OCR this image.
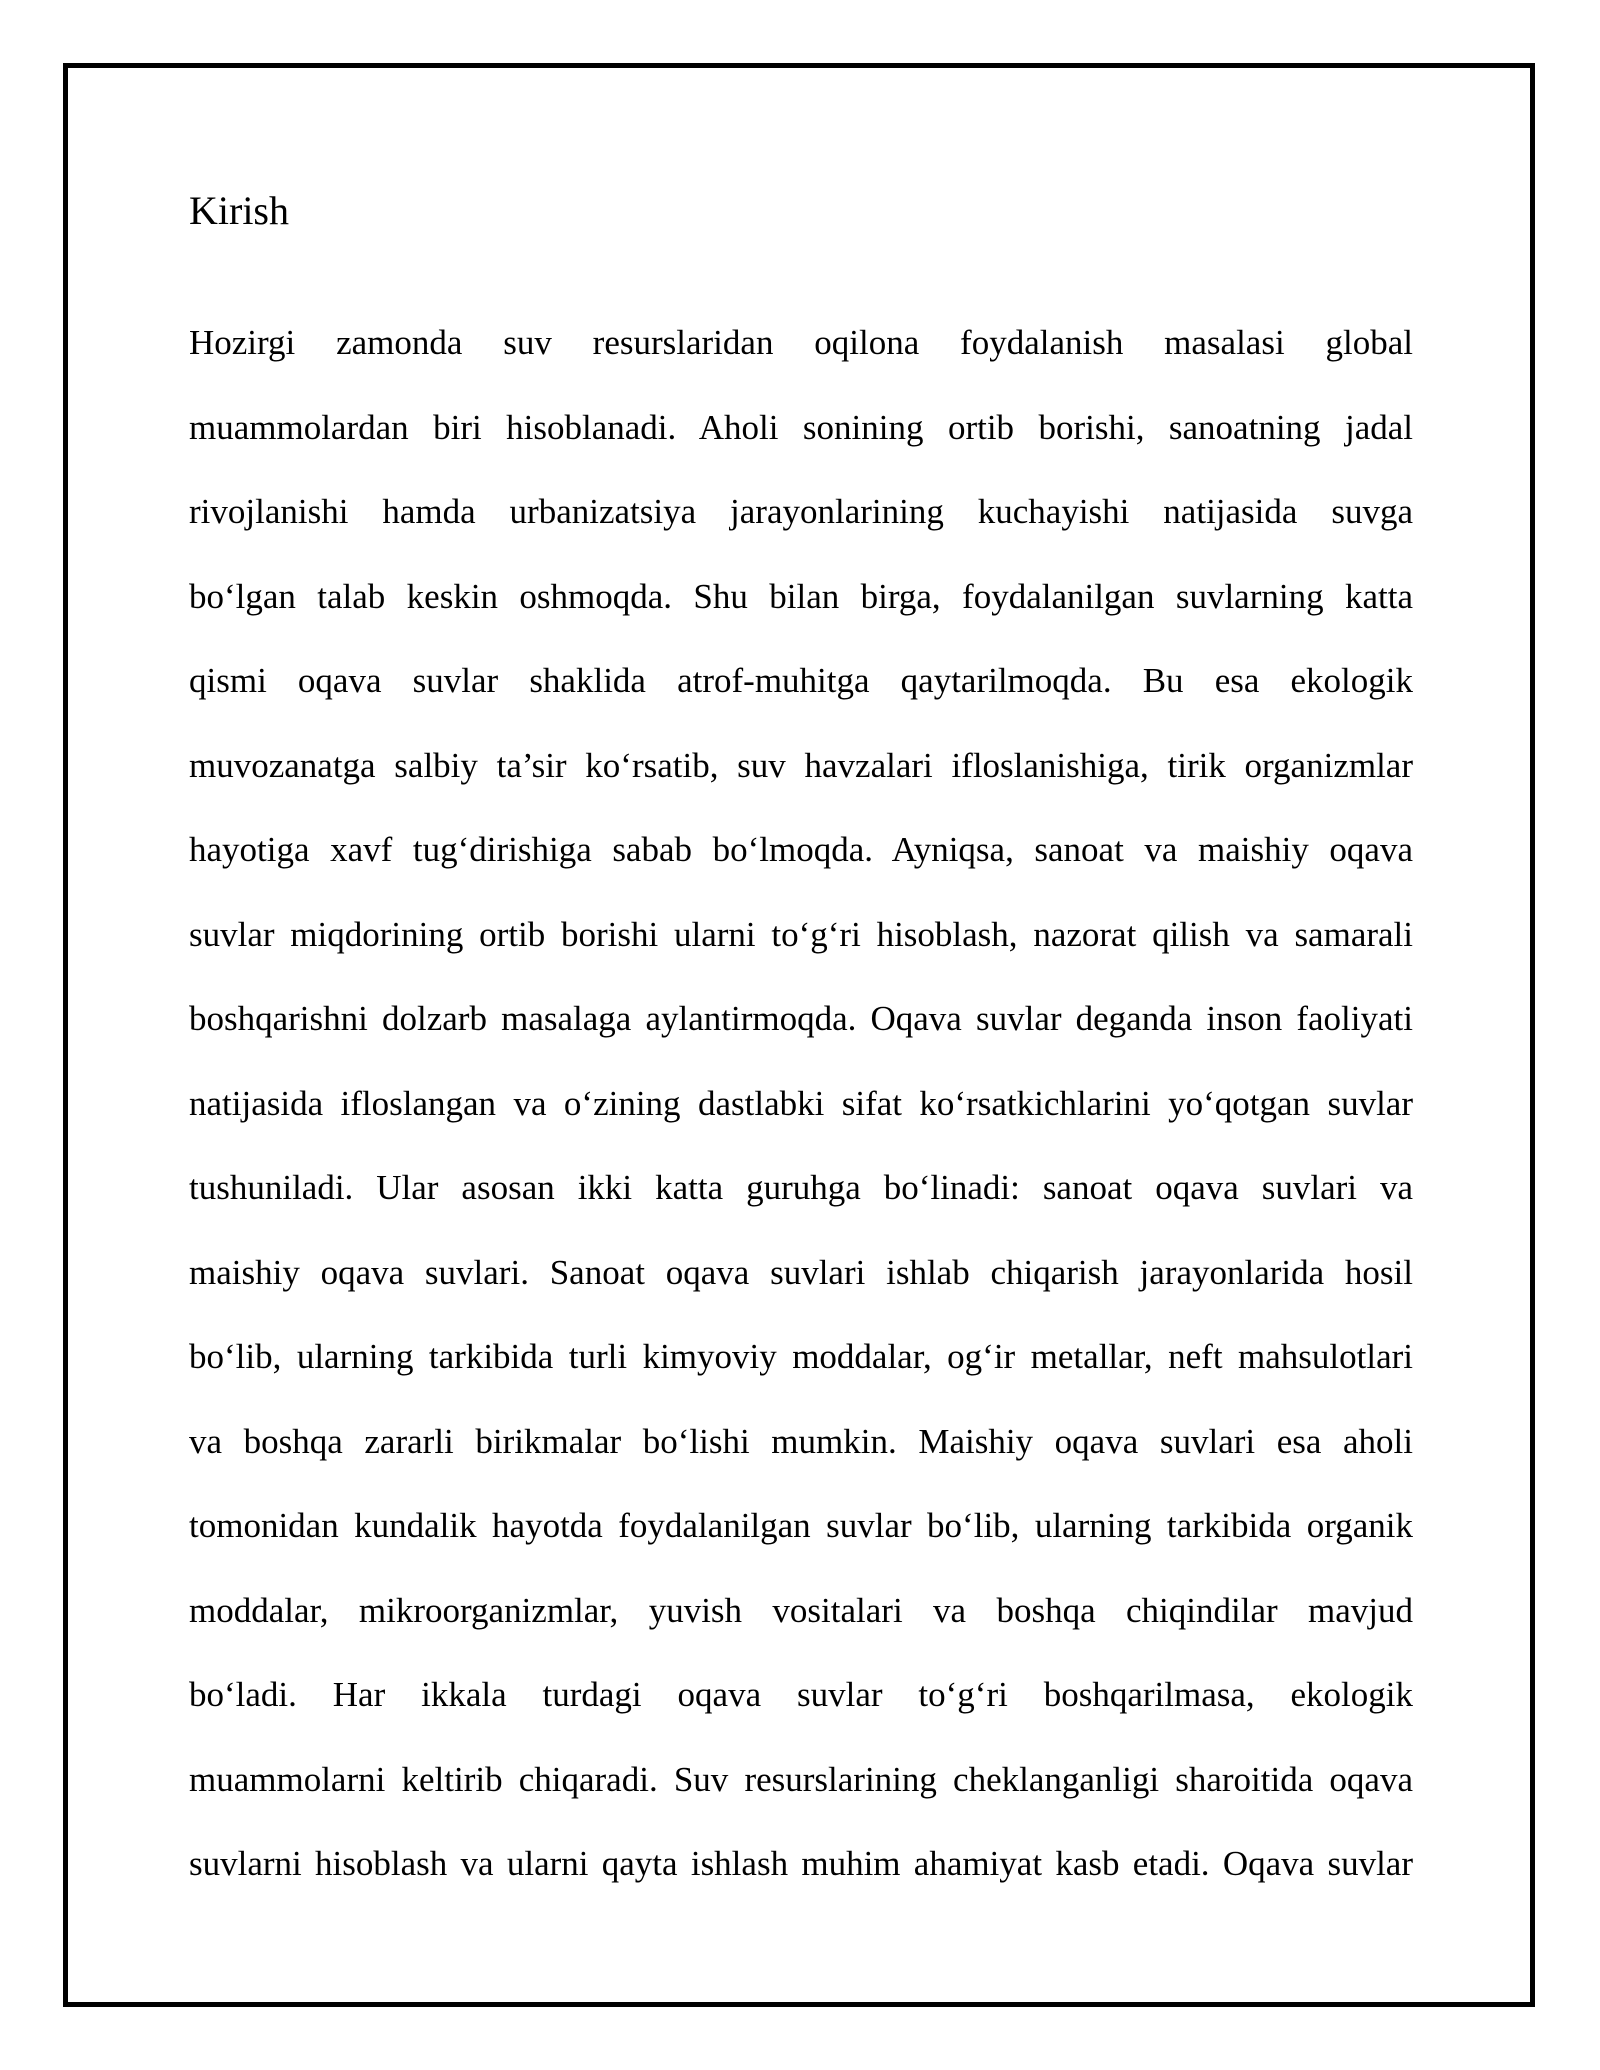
Kirish
Hozirgi zamonda suv resurslaridan oqilona foydalanish masalasi global
muammolardan biri hisoblanadi. Aholi sonining ortib borishi, sanoatning jadal
rivojlanishi hamda urbanizatsiya jarayonlarining kuchayishi natijasida suvga
bo‘lgan talab keskin oshmoqda. Shu bilan birga, foydalanilgan suvlarning katta
qismi oqava suvlar shaklida atrof-muhitga qaytarilmoqda. Bu esa ekologik
muvozanatga salbiy ta’sir ko‘rsatib, suv havzalari ifloslanishiga, tirik organizmlar
hayotiga xavf tug‘dirishiga sabab bo‘lmoqda. Ayniqsa, sanoat va maishiy oqava
suvlar miqdorining ortib borishi ularni to‘g‘ri hisoblash, nazorat qilish va samarali
boshqarishni dolzarb masalaga aylantirmoqda. Oqava suvlar deganda inson faoliyati
natijasida ifloslangan va o‘zining dastlabki sifat ko‘rsatkichlarini yo‘qotgan suvlar
tushuniladi. Ular asosan ikki katta guruhga bo‘linadi: sanoat oqava suvlari va
maishiy oqava suvlari. Sanoat oqava suvlari ishlab chiqarish jarayonlarida hosil
bo‘lib, ularning tarkibida turli kimyoviy moddalar, og‘ir metallar, neft mahsulotlari
va boshqa zararli birikmalar bo‘lishi mumkin. Maishiy oqava suvlari esa aholi
tomonidan kundalik hayotda foydalanilgan suvlar bo‘lib, ularning tarkibida organik
moddalar, mikroorganizmlar, yuvish vositalari va boshqa chiqindilar mavjud
bo‘ladi. Har ikkala turdagi oqava suvlar to‘g‘ri boshqarilmasa, ekologik
muammolarni keltirib chiqaradi. Suv resurslarining cheklanganligi sharoitida oqava
suvlarni hisoblash va ularni qayta ishlash muhim ahamiyat kasb etadi. Oqava suvlar
